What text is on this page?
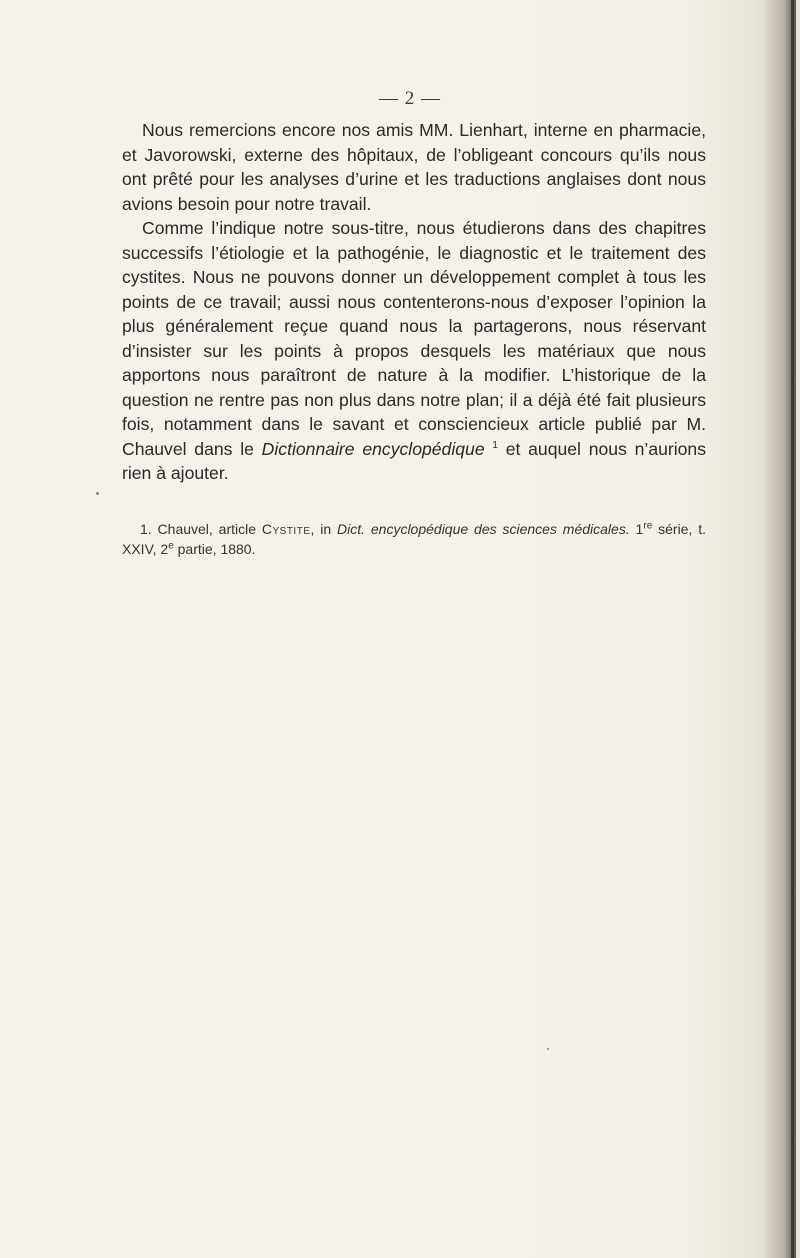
— 2 —

Nous remercions encore nos amis MM. Lienhart, interne en pharmacie, et Javorowski, externe des hôpitaux, de l’obligeant concours qu’ils nous ont prêté pour les analyses d’urine et les traductions anglaises dont nous avions besoin pour notre travail.

Comme l’indique notre sous-titre, nous étudierons dans des chapitres successifs l’étiologie et la pathogénie, le diagnostic et le traitement des cystites. Nous ne pouvons donner un développement complet à tous les points de ce travail; aussi nous contenterons-nous d’exposer l’opinion la plus généralement reçue quand nous la partagerons, nous réservant d’insister sur les points à propos desquels les matériaux que nous apportons nous paraîtront de nature à la modifier. L’historique de la question ne rentre pas non plus dans notre plan; il a déjà été fait plusieurs fois, notamment dans le savant et consciencieux article publié par M. Chauvel dans le Dictionnaire encyclopédique $^1$ et auquel nous n’aurions rien à ajouter.

1. Chauvel, article Cystite, in Dict. encyclopédique des sciences médicales. 1re série, t. XXIV, 2e partie, 1880.
